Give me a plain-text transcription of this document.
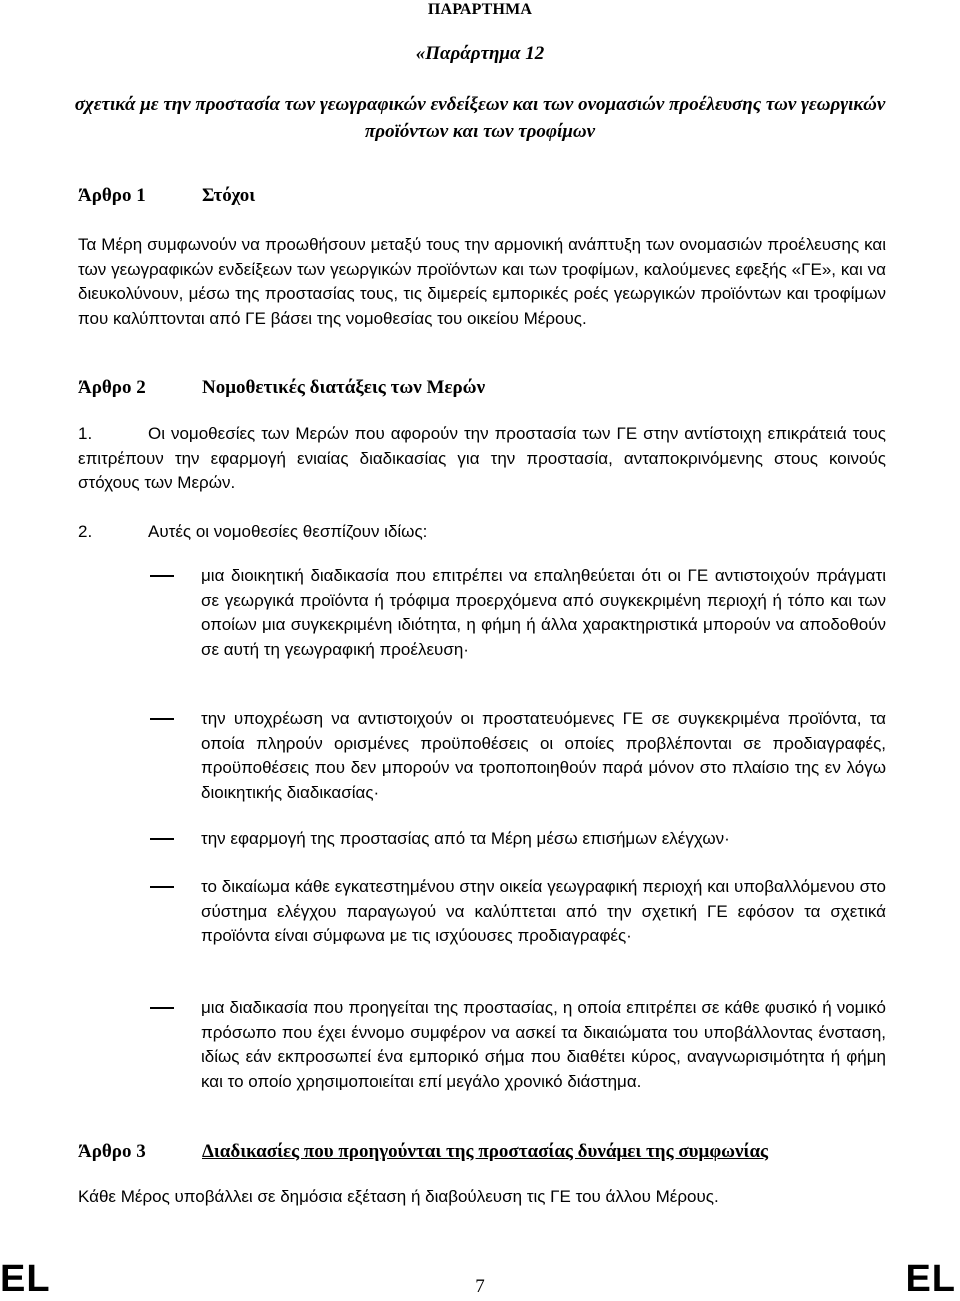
ΠΑΡΑΡΤΗΜΑ
«Παράρτημα 12
σχετικά με την προστασία των γεωγραφικών ενδείξεων και των ονομασιών προέλευσης των γεωργικών προϊόντων και των τροφίμων
Άρθρο 1	Στόχοι
Τα Μέρη συμφωνούν να προωθήσουν μεταξύ τους την αρμονική ανάπτυξη των ονομασιών προέλευσης και των γεωγραφικών ενδείξεων των γεωργικών προϊόντων και των τροφίμων, καλούμενες εφεξής «ΓΕ», και να διευκολύνουν, μέσω της προστασίας τους, τις διμερείς εμπορικές ροές γεωργικών προϊόντων και τροφίμων που καλύπτονται από ΓΕ βάσει της νομοθεσίας του οικείου Μέρους.
Άρθρο 2	Νομοθετικές διατάξεις των Μερών
1.	Οι νομοθεσίες των Μερών που αφορούν την προστασία των ΓΕ στην αντίστοιχη επικράτειά τους επιτρέπουν την εφαρμογή ενιαίας διαδικασίας για την προστασία, ανταποκρινόμενης στους κοινούς στόχους των Μερών.
2.	Αυτές οι νομοθεσίες θεσπίζουν ιδίως:
μια διοικητική διαδικασία που επιτρέπει να επαληθεύεται ότι οι ΓΕ αντιστοιχούν πράγματι σε γεωργικά προϊόντα ή τρόφιμα προερχόμενα από συγκεκριμένη περιοχή ή τόπο και των οποίων μια συγκεκριμένη ιδιότητα, η φήμη ή άλλα χαρακτηριστικά μπορούν να αποδοθούν σε αυτή τη γεωγραφική προέλευση·
την υποχρέωση να αντιστοιχούν οι προστατευόμενες ΓΕ σε συγκεκριμένα προϊόντα, τα οποία πληρούν ορισμένες προϋποθέσεις οι οποίες προβλέπονται σε προδιαγραφές, προϋποθέσεις που δεν μπορούν να τροποποιηθούν παρά μόνον στο πλαίσιο της εν λόγω διοικητικής διαδικασίας·
την εφαρμογή της προστασίας από τα Μέρη μέσω επισήμων ελέγχων·
το δικαίωμα κάθε εγκατεστημένου στην οικεία γεωγραφική περιοχή και υποβαλλόμενου στο σύστημα ελέγχου παραγωγού να καλύπτεται από την σχετική ΓΕ εφόσον τα σχετικά προϊόντα είναι σύμφωνα με τις ισχύουσες προδιαγραφές·
μια διαδικασία που προηγείται της προστασίας, η οποία επιτρέπει σε κάθε φυσικό ή νομικό πρόσωπο που έχει έννομο συμφέρον να ασκεί τα δικαιώματα του υποβάλλοντας ένσταση, ιδίως εάν εκπροσωπεί ένα εμπορικό σήμα που διαθέτει κύρος, αναγνωρισιμότητα ή φήμη και το οποίο χρησιμοποιείται επί μεγάλο χρονικό διάστημα.
Άρθρο 3	Διαδικασίες που προηγούνται της προστασίας δυνάμει της συμφωνίας
Κάθε Μέρος υποβάλλει σε δημόσια εξέταση ή διαβούλευση τις ΓΕ του άλλου Μέρους.
EL	7	EL
